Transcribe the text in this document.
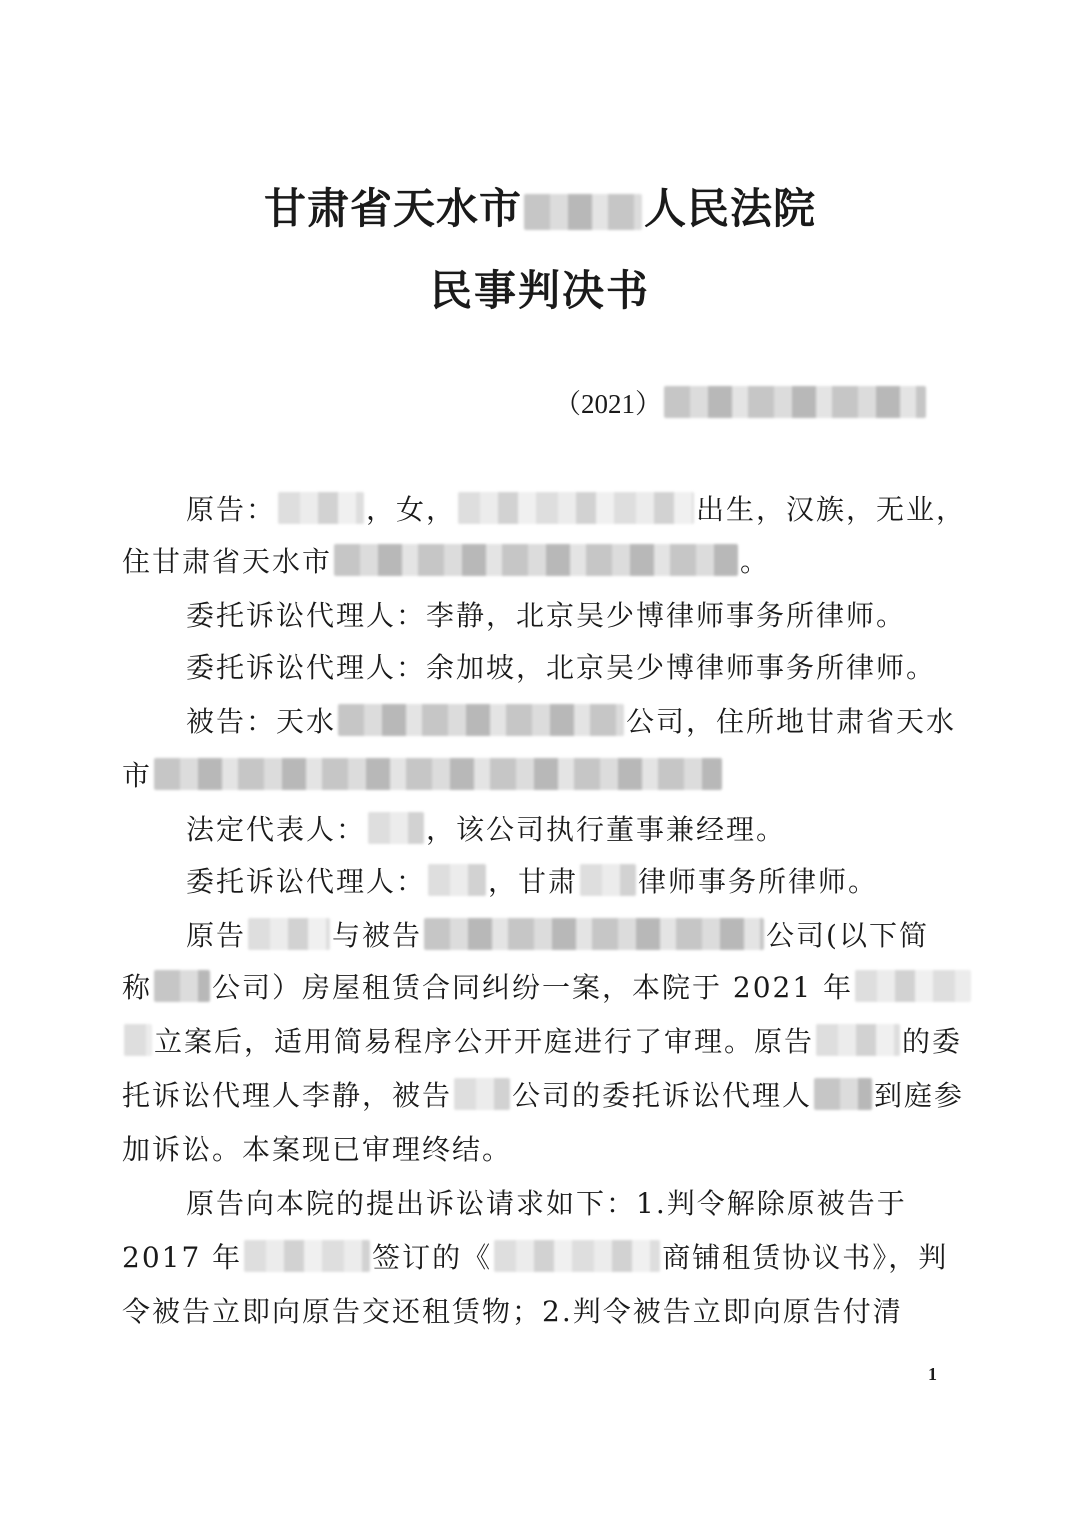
甘肃省天水市	人民法院
民事判决书
（2021）
原告：	，女，	出生，汉族，无业，
住甘肃省天水市	。
委托诉讼代理人：李静，北京吴少博律师事务所律师。
委托诉讼代理人：余加坡，北京吴少博律师事务所律师。
被告：天水	公司，住所地甘肃省天水
市
法定代表人： ，该公司执行董事兼经理。
委托诉讼代理人： ，甘肃 律师事务所律师。
原告	与被告	公司(以下简
称 公司）房屋租赁合同纠纷一案，本院于 2021 年
立案后，适用简易程序公开开庭进行了审理。原告	的委
托诉讼代理人李静，被告 公司的委托诉讼代理人 到庭参
加诉讼。本案现已审理终结。
原告向本院的提出诉讼请求如下：1.判令解除原被告于
2017 年	签订的《	商铺租赁协议书》，判
令被告立即向原告交还租赁物；2.判令被告立即向原告付清
1
